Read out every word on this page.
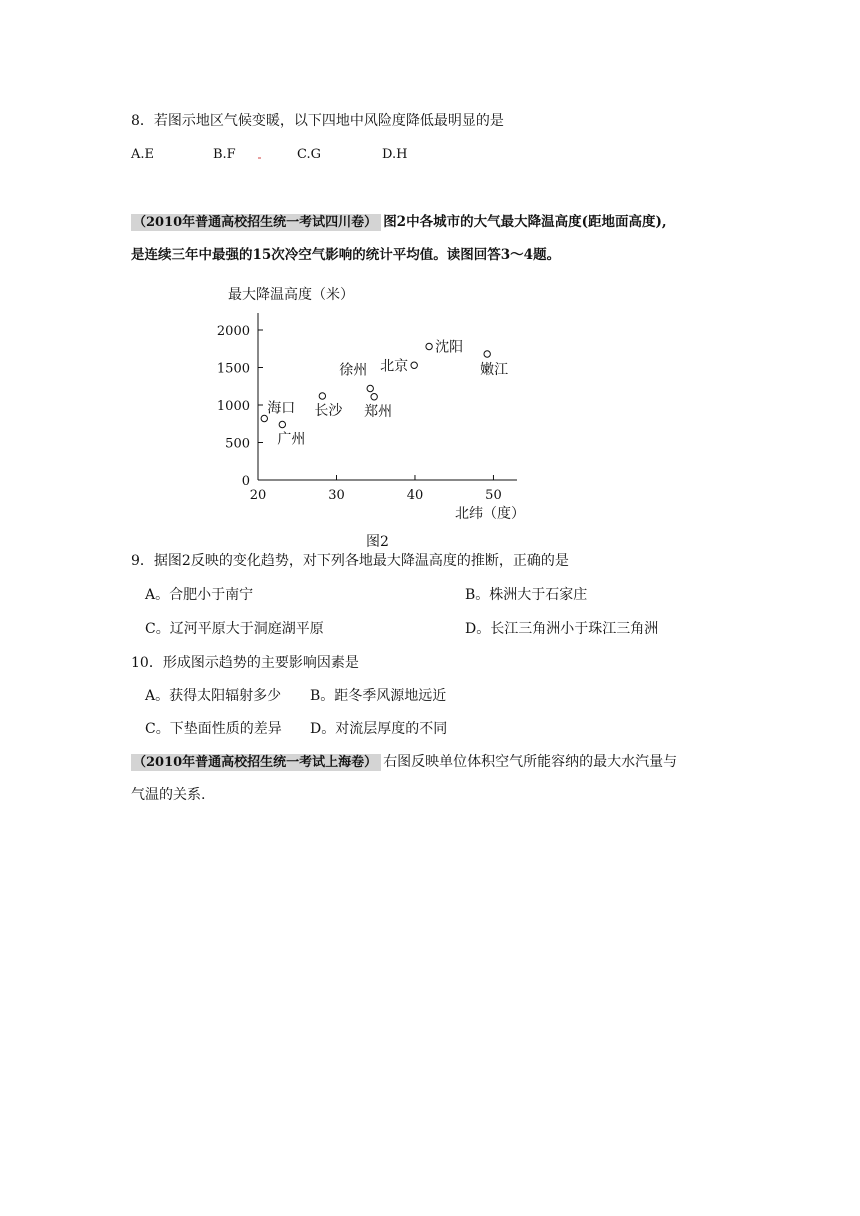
8．若图示地区气候变暖，以下四地中风险度降低最明显的是
A.E	B.F	C.G	D.H
（2010年普通高校招生统一考试四川卷） 图2中各城市的大气最大降温高度(距地面高度),
是连续三年中最强的15次冷空气影响的统计平均值。读图回答3～4题。
最大降温高度（米）
0
500
1000
1500
2000
20	30	40	50
海口
广州
长沙
徐州
郑州
北京
沈阳
嫩江
北纬（度）
图2
9．据图2反映的变化趋势，对下列各地最大降温高度的推断，正确的是
A。合肥小于南宁	B。株洲大于石家庄
C。辽河平原大于洞庭湖平原	D。长江三角洲小于珠江三角洲
10．形成图示趋势的主要影响因素是
A。获得太阳辐射多少 B。距冬季风源地远近
C。下垫面性质的差异 D。对流层厚度的不同
（2010年普通高校招生统一考试上海卷） 右图反映单位体积空气所能容纳的最大水汽量与
气温的关系.
